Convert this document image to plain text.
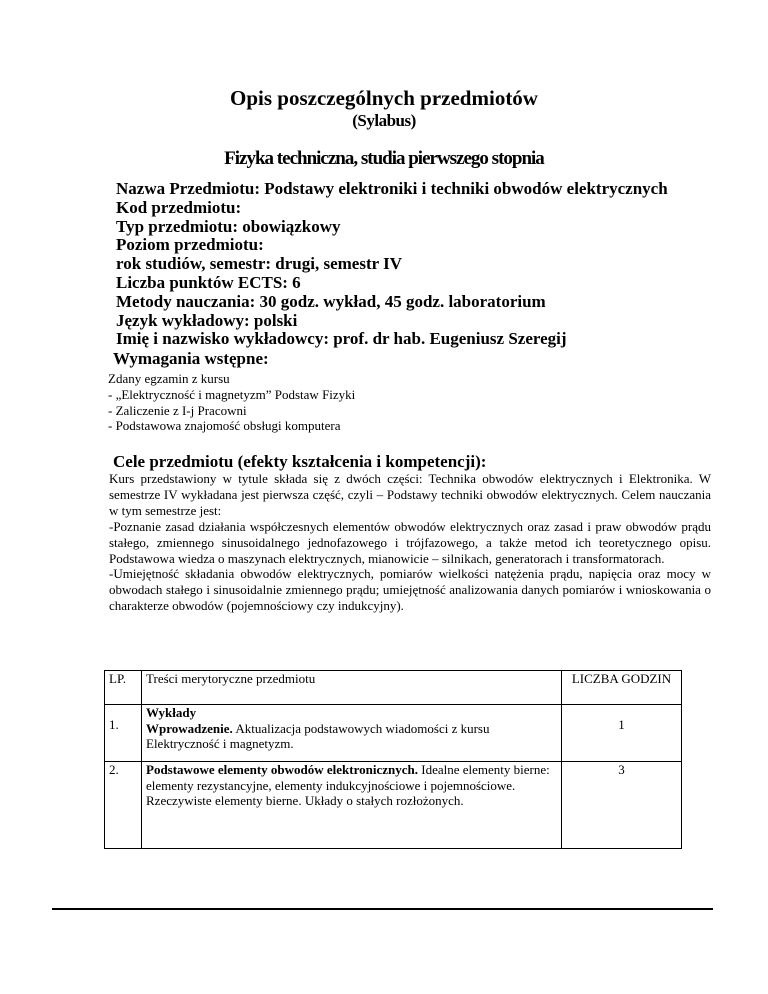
Opis poszczególnych przedmiotów
(Sylabus)
Fizyka techniczna, studia pierwszego stopnia
Nazwa Przedmiotu: Podstawy elektroniki i techniki obwodów elektrycznych
Kod przedmiotu:
Typ przedmiotu: obowiązkowy
Poziom przedmiotu:
rok studiów, semestr: drugi, semestr IV
Liczba punktów ECTS: 6
Metody nauczania: 30 godz. wykład, 45 godz. laboratorium
Język wykładowy: polski
Imię i nazwisko wykładowcy: prof. dr hab. Eugeniusz Szeregij
Wymagania wstępne:
Zdany egzamin z kursu
- „Elektryczność i magnetyzm” Podstaw Fizyki
- Zaliczenie z I-j Pracowni
- Podstawowa znajomość obsługi komputera
Cele przedmiotu (efekty kształcenia i kompetencji):

Kurs przedstawiony w tytule składa się z dwóch części: Technika obwodów elektrycznych i Elektronika. W semestrze IV wykładana jest pierwsza część, czyli – Podstawy techniki obwodów elektrycznych. Celem nauczania w tym semestrze jest:

-Poznanie zasad działania współczesnych elementów obwodów elektrycznych oraz zasad i praw obwodów prądu stałego, zmiennego sinusoidalnego jednofazowego i trójfazowego, a także metod ich teoretycznego opisu. Podstawowa wiedza o maszynach elektrycznych, mianowicie – silnikach, generatorach i transformatorach.

-Umiejętność składania obwodów elektrycznych, pomiarów wielkości natężenia prądu, napięcia oraz mocy w obwodach stałego i sinusoidalnie zmiennego prądu; umiejętność analizowania danych pomiarów i wnioskowania o charakterze obwodów (pojemnościowy czy indukcyjny).

LP.	Treści merytoryczne przedmiotu	LICZBA GODZIN
1.	Wykłady
Wprowadzenie. Aktualizacja podstawowych wiadomości z kursu Elektryczność i magnetyzm.	1
2.	Podstawowe elementy obwodów elektronicznych. Idealne elementy bierne: elementy rezystancyjne, elementy indukcyjnościowe i pojemnościowe. Rzeczywiste elementy bierne. Układy o stałych rozłożonych.	3
